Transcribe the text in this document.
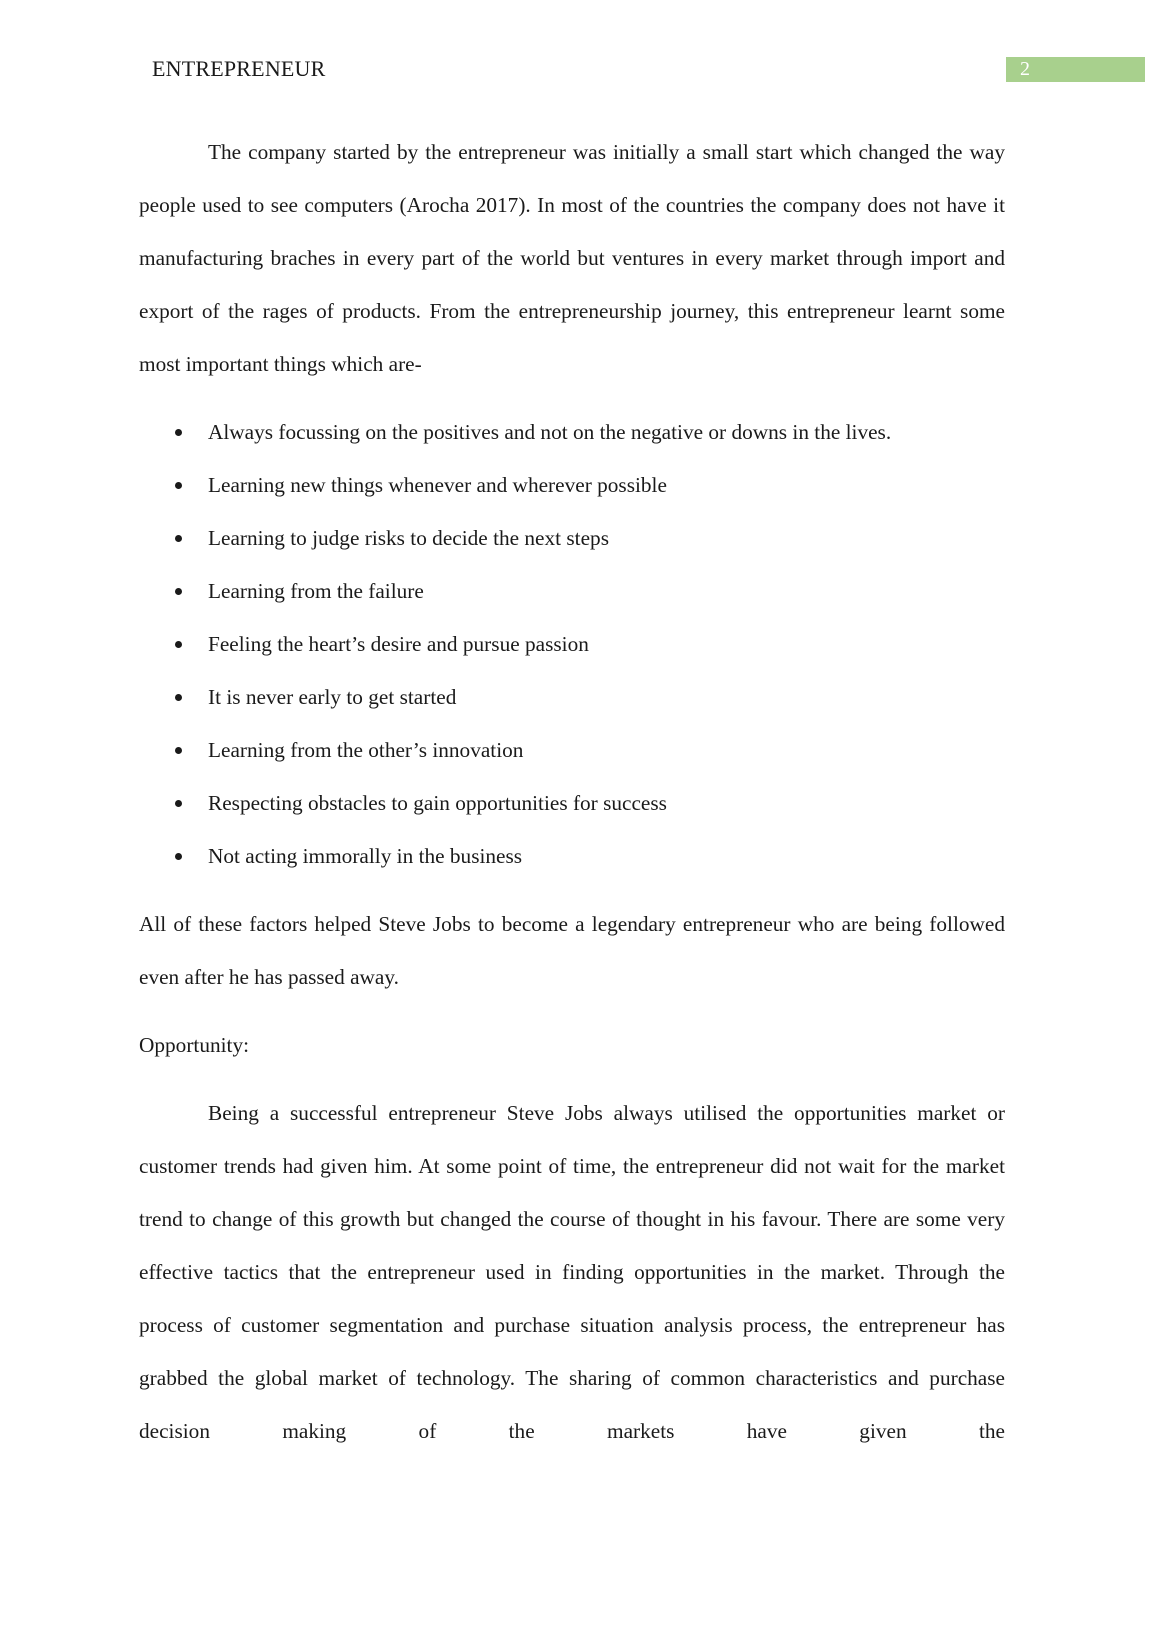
ENTREPRENEUR	2

The company started by the entrepreneur was initially a small start which changed the way people used to see computers (Arocha 2017). In most of the countries the company does not have it manufacturing braches in every part of the world but ventures in every market through import and export of the rages of products. From the entrepreneurship journey, this entrepreneur learnt some most important things which are-

Always focussing on the positives and not on the negative or downs in the lives.
Learning new things whenever and wherever possible
Learning to judge risks to decide the next steps
Learning from the failure
Feeling the heart’s desire and pursue passion
It is never early to get started
Learning from the other’s innovation
Respecting obstacles to gain opportunities for success
Not acting immorally in the business

All of these factors helped Steve Jobs to become a legendary entrepreneur who are being followed even after he has passed away.

Opportunity:

Being a successful entrepreneur Steve Jobs always utilised the opportunities market or customer trends had given him. At some point of time, the entrepreneur did not wait for the market trend to change of this growth but changed the course of thought in his favour. There are some very effective tactics that the entrepreneur used in finding opportunities in the market. Through the process of customer segmentation and purchase situation analysis process, the entrepreneur has grabbed the global market of technology. The sharing of common characteristics and purchase decision making of the markets have given the
